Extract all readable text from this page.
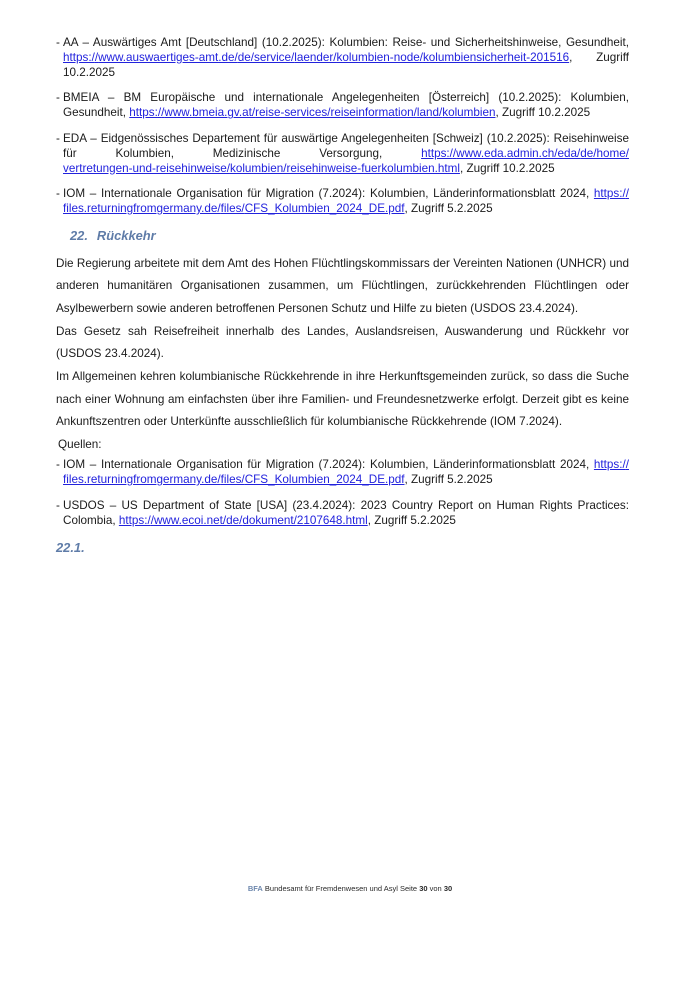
- AA – Auswärtiges Amt [Deutschland] (10.2.2025): Kolumbien: Reise- und Sicherheitshinweise, Gesundheit, https://www.auswaertiges-amt.de/de/service/laender/kolumbien-node/kolumbiensicherheit-201516, Zugriff 10.2.2025
- BMEIA – BM Europäische und internationale Angelegenheiten [Österreich] (10.2.2025): Kolumbien, Gesundheit, https://www.bmeia.gv.at/reise-services/reiseinformation/land/kolumbien, Zugriff 10.2.2025
- EDA – Eidgenössisches Departement für auswärtige Angelegenheiten [Schweiz] (10.2.2025): Reisehinweise für Kolumbien, Medizinische Versorgung, https://www.eda.admin.ch/eda/de/home/vertretungen-und-reisehinweise/kolumbien/reisehinweise-fuerkolumbien.html, Zugriff 10.2.2025
- IOM – Internationale Organisation für Migration (7.2024): Kolumbien, Länderinformationsblatt 2024, https://files.returningfromgermany.de/files/CFS_Kolumbien_2024_DE.pdf, Zugriff 5.2.2025
22. Rückkehr

Die Regierung arbeitete mit dem Amt des Hohen Flüchtlingskommissars der Vereinten Nationen (UNHCR) und anderen humanitären Organisationen zusammen, um Flüchtlingen, zurückkehrenden Flüchtlingen oder Asylbewerbern sowie anderen betroffenen Personen Schutz und Hilfe zu bieten (USDOS 23.4.2024).

Das Gesetz sah Reisefreiheit innerhalb des Landes, Auslandsreisen, Auswanderung und Rückkehr vor (USDOS 23.4.2024).

Im Allgemeinen kehren kolumbianische Rückkehrende in ihre Herkunftsgemeinden zurück, so dass die Suche nach einer Wohnung am einfachsten über ihre Familien- und Freundesnetzwerke erfolgt. Derzeit gibt es keine Ankunftszentren oder Unterkünfte ausschließlich für kolumbianische Rückkehrende (IOM 7.2024).

Quellen:
- IOM – Internationale Organisation für Migration (7.2024): Kolumbien, Länderinformationsblatt 2024, https://files.returningfromgermany.de/files/CFS_Kolumbien_2024_DE.pdf, Zugriff 5.2.2025
- USDOS – US Department of State [USA] (23.4.2024): 2023 Country Report on Human Rights Practices: Colombia, https://www.ecoi.net/de/dokument/2107648.html, Zugriff 5.2.2025
22.1.
BFA Bundesamt für Fremdenwesen und Asyl Seite 30 von 30
